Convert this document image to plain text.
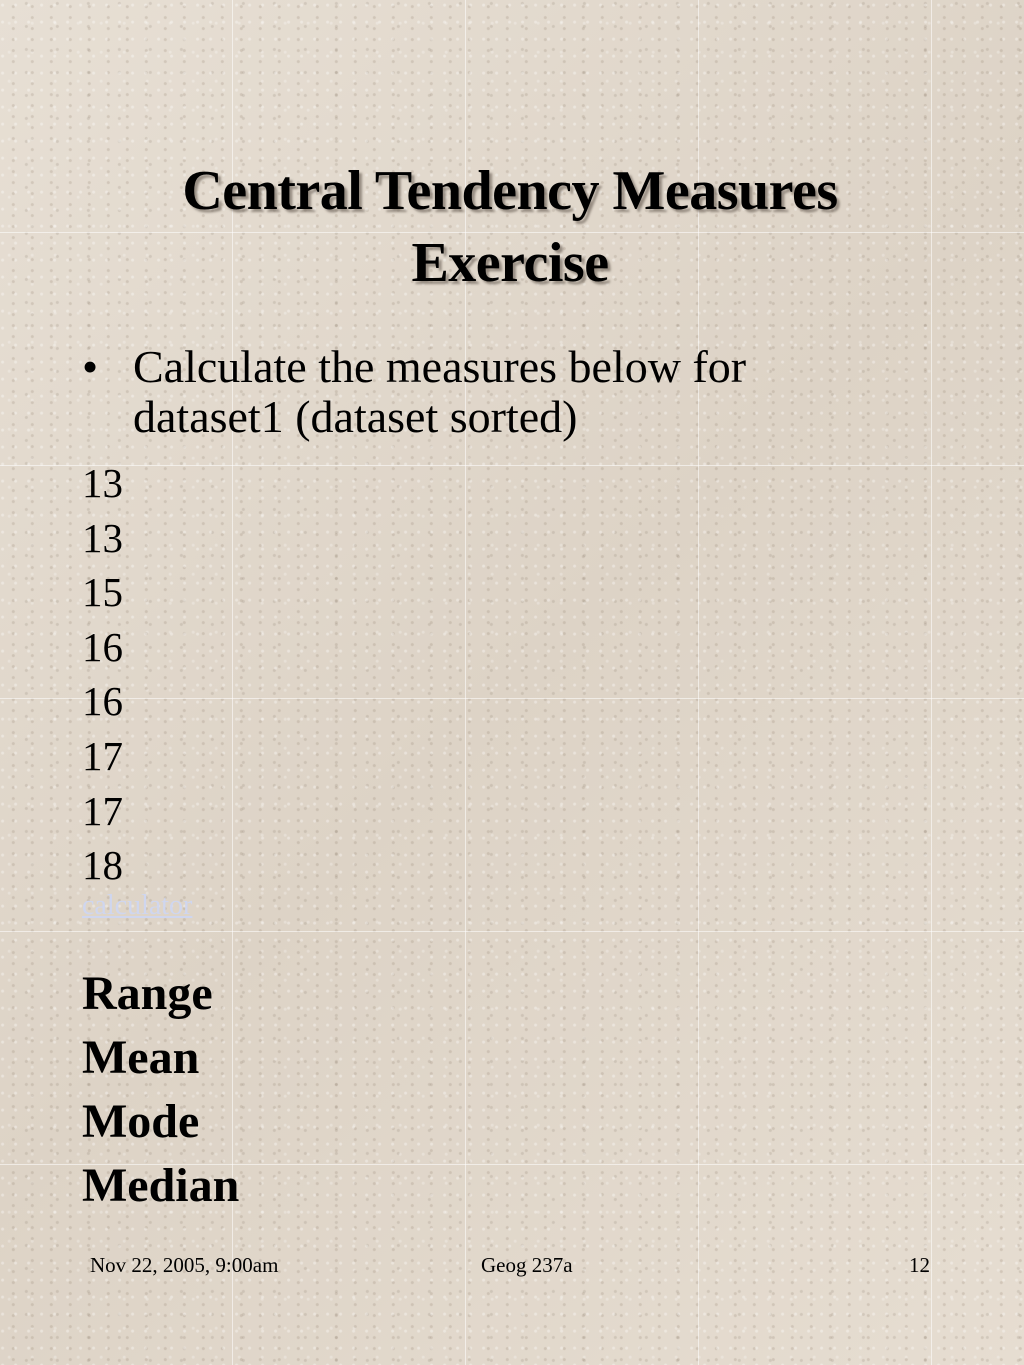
Central Tendency Measures
Exercise
• Calculate the measures below for
dataset1 (dataset sorted)
13
13
15
16
16
17
17
18
calculator
Range
Mean
Mode
Median
Nov 22, 2005, 9:00am	Geog 237a	12
